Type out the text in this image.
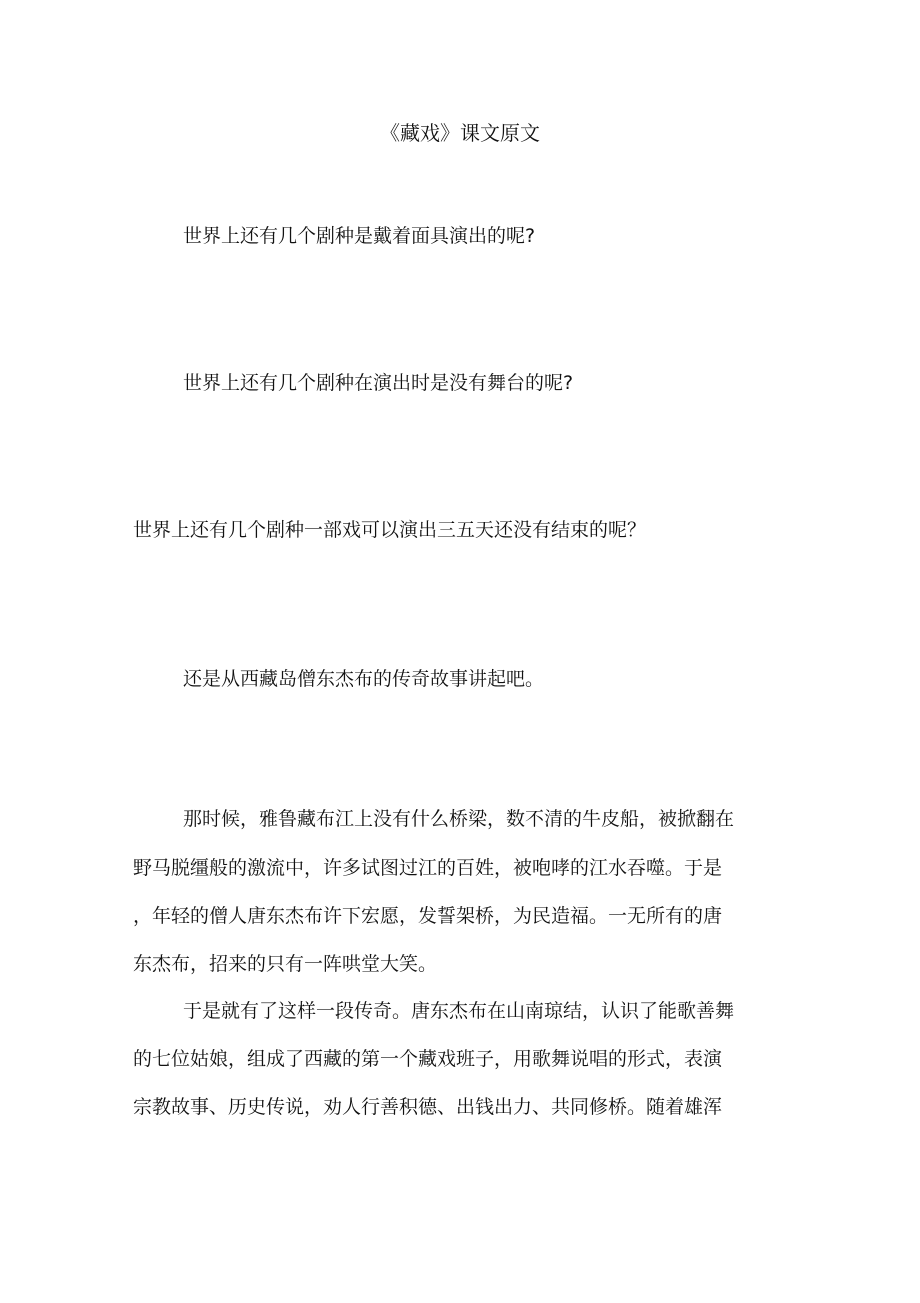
《藏戏》课文原文
世界上还有几个剧种是戴着面具演出的呢?
世界上还有几个剧种在演出时是没有舞台的呢?
世界上还有几个剧种一部戏可以演出三五天还没有结束的呢？
还是从西藏岛僧东杰布的传奇故事讲起吧。
那时候，雅鲁藏布江上没有什么桥梁，数不清的牛皮船，被掀翻在
野马脱缰般的激流中，许多试图过江的百姓，被咆哮的江水吞噬。于是
，年轻的僧人唐东杰布许下宏愿，发誓架桥，为民造福。一无所有的唐
东杰布，招来的只有一阵哄堂大笑。
于是就有了这样一段传奇。唐东杰布在山南琼结，认识了能歌善舞
的七位姑娘，组成了西藏的第一个藏戏班子，用歌舞说唱的形式，表演
宗教故事、历史传说，劝人行善积德、出钱出力、共同修桥。随着雄浑
